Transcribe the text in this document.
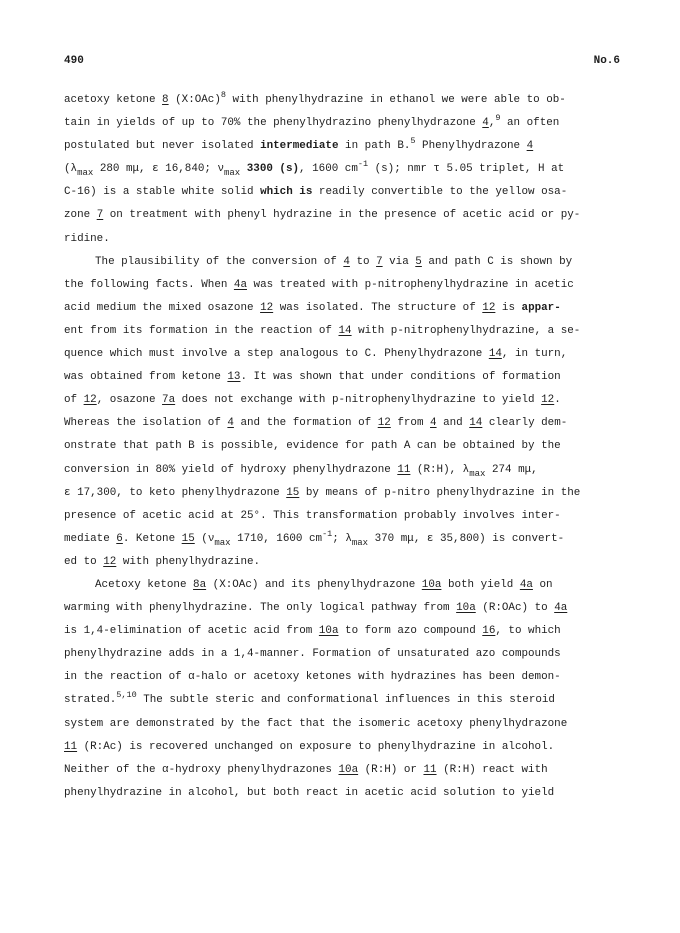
490	No.6
acetoxy ketone 8 (X:OAc)$^8$ with phenylhydrazine in ethanol we were able to ob-
tain in yields of up to 70% the phenylhydrazino phenylhydrazone 4,$^9$ an often
postulated but never isolated intermediate in path B.$^5$ Phenylhydrazone 4
($\lambda_{max}$ 280 mμ, ε 16,840; $\nu_{max}$ 3300 (s), 1600 $cm^{-1}$ (s); nmr τ 5.05 triplet, H at
C-16) is a stable white solid which is readily convertible to the yellow osa-
zone 7 on treatment with phenyl hydrazine in the presence of acetic acid or py-
ridine.
The plausibility of the conversion of 4 to 7 via 5 and path C is shown by
the following facts. When 4a was treated with p-nitrophenylhydrazine in acetic
acid medium the mixed osazone 12 was isolated. The structure of 12 is appar-
ent from its formation in the reaction of 14 with p-nitrophenylhydrazine, a se-
quence which must involve a step analogous to C. Phenylhydrazone 14, in turn,
was obtained from ketone 13. It was shown that under conditions of formation
of 12, osazone 7a does not exchange with p-nitrophenylhydrazine to yield 12.
Whereas the isolation of 4 and the formation of 12 from 4 and 14 clearly dem-
onstrate that path B is possible, evidence for path A can be obtained by the
conversion in 80% yield of hydroxy phenylhydrazone 11 (R:H), $\lambda_{max}$ 274 mμ,
ε 17,300, to keto phenylhydrazone 15 by means of p-nitro phenylhydrazine in the
presence of acetic acid at 25°. This transformation probably involves inter-
mediate 6. Ketone 15 ($\nu_{max}$ 1710, 1600 $cm^{-1}$; $\lambda_{max}$ 370 mμ, ε 35,800) is convert-
ed to 12 with phenylhydrazine.
Acetoxy ketone 8a (X:OAc) and its phenylhydrazone 10a both yield 4a on
warming with phenylhydrazine. The only logical pathway from 10a (R:OAc) to 4a
is 1,4-elimination of acetic acid from 10a to form azo compound 16, to which
phenylhydrazine adds in a 1,4-manner. Formation of unsaturated azo compounds
in the reaction of α-halo or acetoxy ketones with hydrazines has been demon-
strated.$^{5,10}$ The subtle steric and conformational influences in this steroid
system are demonstrated by the fact that the isomeric acetoxy phenylhydrazone
11 (R:Ac) is recovered unchanged on exposure to phenylhydrazine in alcohol.
Neither of the α-hydroxy phenylhydrazones 10a (R:H) or 11 (R:H) react with
phenylhydrazine in alcohol, but both react in acetic acid solution to yield
